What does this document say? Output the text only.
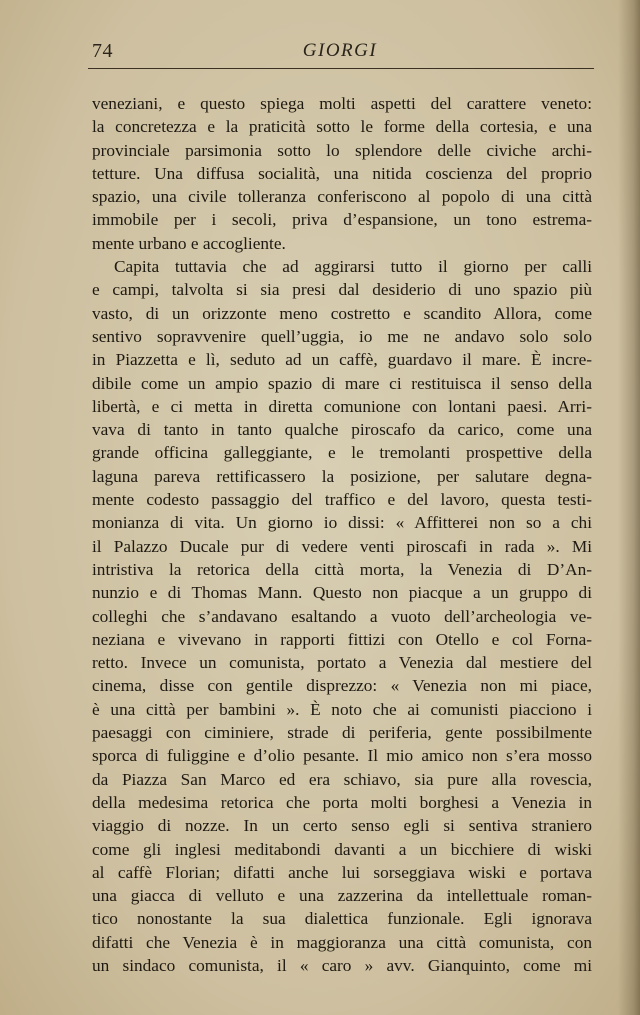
74	GIORGI
veneziani, e questo spiega molti aspetti del carattere veneto:
la concretezza e la praticità sotto le forme della cortesia, e una
provinciale parsimonia sotto lo splendore delle civiche archi-
tetture. Una diffusa socialità, una nitida coscienza del proprio
spazio, una civile tolleranza conferiscono al popolo di una città
immobile per i secoli, priva d’espansione, un tono estrema-
mente urbano e accogliente.
Capita tuttavia che ad aggirarsi tutto il giorno per calli
e campi, talvolta si sia presi dal desiderio di uno spazio più
vasto, di un orizzonte meno costretto e scandito Allora, come
sentivo sopravvenire quell’uggia, io me ne andavo solo solo
in Piazzetta e lì, seduto ad un caffè, guardavo il mare. È incre-
dibile come un ampio spazio di mare ci restituisca il senso della
libertà, e ci metta in diretta comunione con lontani paesi. Arri-
vava di tanto in tanto qualche piroscafo da carico, come una
grande officina galleggiante, e le tremolanti prospettive della
laguna pareva rettificassero la posizione, per salutare degna-
mente codesto passaggio del traffico e del lavoro, questa testi-
monianza di vita. Un giorno io dissi: « Affitterei non so a chi
il Palazzo Ducale pur di vedere venti piroscafi in rada ». Mi
intristiva la retorica della città morta, la Venezia di D’An-
nunzio e di Thomas Mann. Questo non piacque a un gruppo di
colleghi che s’andavano esaltando a vuoto dell’archeologia ve-
neziana e vivevano in rapporti fittizi con Otello e col Forna-
retto. Invece un comunista, portato a Venezia dal mestiere del
cinema, disse con gentile disprezzo: « Venezia non mi piace,
è una città per bambini ». È noto che ai comunisti piacciono i
paesaggi con ciminiere, strade di periferia, gente possibilmente
sporca di fuliggine e d’olio pesante. Il mio amico non s’era mosso
da Piazza San Marco ed era schiavo, sia pure alla rovescia,
della medesima retorica che porta molti borghesi a Venezia in
viaggio di nozze. In un certo senso egli si sentiva straniero
come gli inglesi meditabondi davanti a un bicchiere di wiski
al caffè Florian; difatti anche lui sorseggiava wiski e portava
una giacca di velluto e una zazzerina da intellettuale roman-
tico nonostante la sua dialettica funzionale. Egli ignorava
difatti che Venezia è in maggioranza una città comunista, con
un sindaco comunista, il « caro » avv. Gianquinto, come mi
